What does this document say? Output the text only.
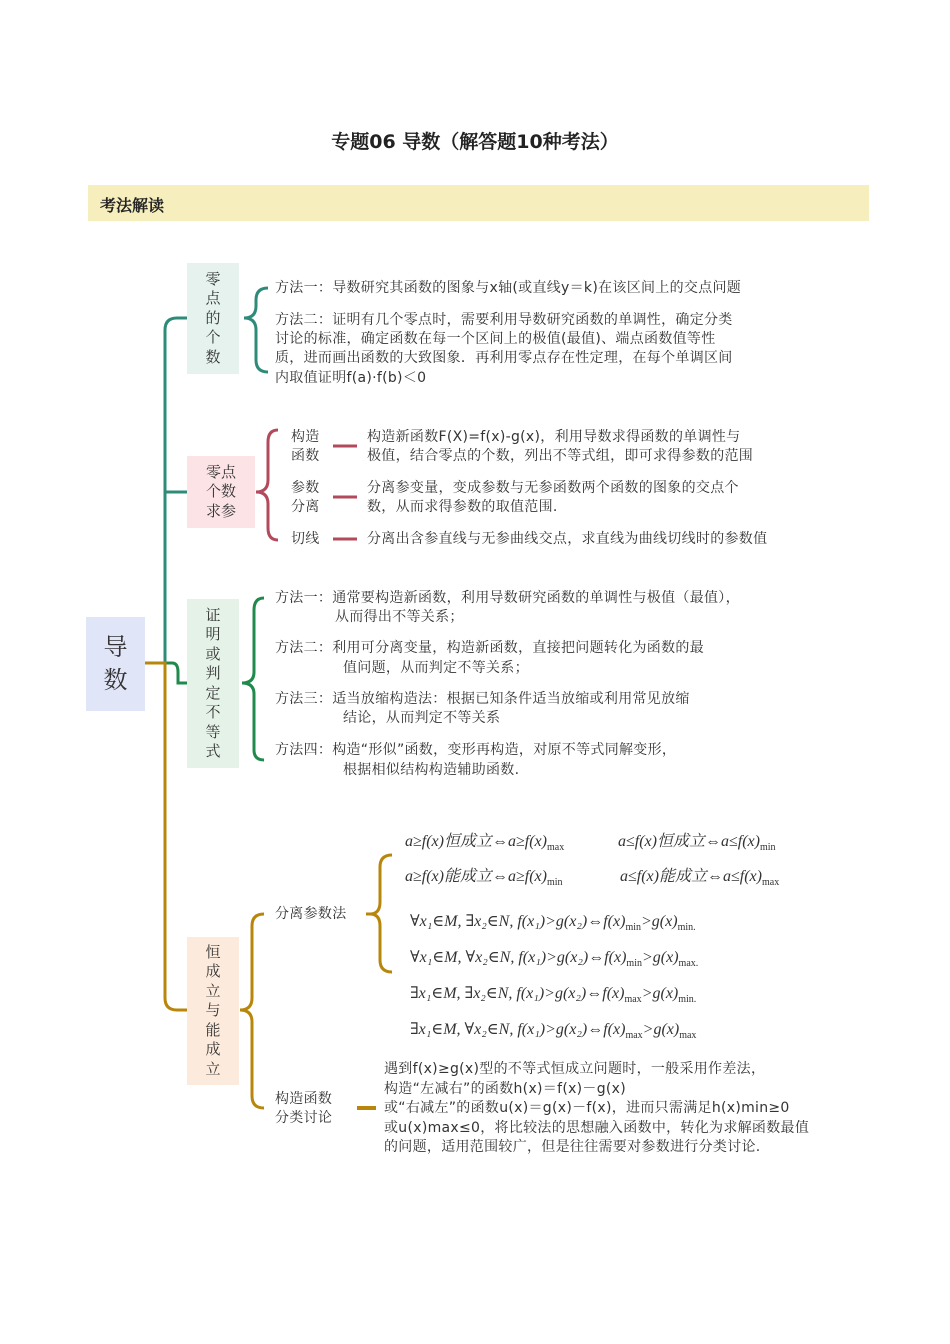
专题06 导数（解答题10种考法）
考法解读
导
数
零
点
的
个
数
方法一：导数研究其函数的图象与x轴(或直线y＝k)在该区间上的交点问题
方法二：证明有几个零点时，需要利用导数研究函数的单调性，确定分类
讨论的标准，确定函数在每一个区间上的极值(最值)、端点函数值等性
质，进而画出函数的大致图象．再利用零点存在性定理，在每个单调区间
内取值证明f(a)·f(b)＜0
零点
个数
求参
构造
函数
构造新函数F(X)=f(x)-g(x)，利用导数求得函数的单调性与
极值，结合零点的个数，列出不等式组，即可求得参数的范围
参数
分离
分离参变量，变成参数与无参函数两个函数的图象的交点个
数，从而求得参数的取值范围.
切线	分离出含参直线与无参曲线交点，求直线为曲线切线时的参数值
证
明
或
判
定
不
等
式
方法一：通常要构造新函数，利用导数研究函数的单调性与极值（最值），
从而得出不等关系；
方法二：利用可分离变量，构造新函数，直接把问题转化为函数的最
值问题，从而判定不等关系；
方法三：适当放缩构造法：根据已知条件适当放缩或利用常见放缩
结论，从而判定不等关系
方法四：构造“形似”函数，变形再构造，对原不等式同解变形，
根据相似结构构造辅助函数.
恒
成
立
与
能
成
立
分离参数法
a≥f(x)恒成立$\Leftrightarrow a\ge f(x)_{max}$	a≤f(x)恒成立$\Leftrightarrow a\le f(x)_{min}$
a≥f(x)能成立$\Leftrightarrow a\ge f(x)_{min}$	a≤f(x)能成立$\Leftrightarrow a\le f(x)_{max}$
∀x₁∈M, ∃x₂∈N, $f(x_1)>g(x_2)\Leftrightarrow f(x)_{min}>g(x)_{min.}$
∀x₁∈M, ∀x₂∈N, $f(x_1)>g(x_2)\Leftrightarrow f(x)_{min}>g(x)_{max.}$
∃x₁∈M, ∃x₂∈N, $f(x_1)>g(x_2)\Leftrightarrow f(x)_{max}>g(x)_{min.}$
∃x₁∈M, ∀x₂∈N, $f(x_1)>g(x_2)\Leftrightarrow f(x)_{max}>g(x)_{max}$
构造函数
分类讨论
遇到f(x)≥g(x)型的不等式恒成立问题时，一般采用作差法，
构造“左减右”的函数h(x)＝f(x)－g(x)
或“右减左”的函数u(x)＝g(x)－f(x)，进而只需满足h(x)min≥0
或u(x)max≤0，将比较法的思想融入函数中，转化为求解函数最值
的问题，适用范围较广，但是往往需要对参数进行分类讨论.
